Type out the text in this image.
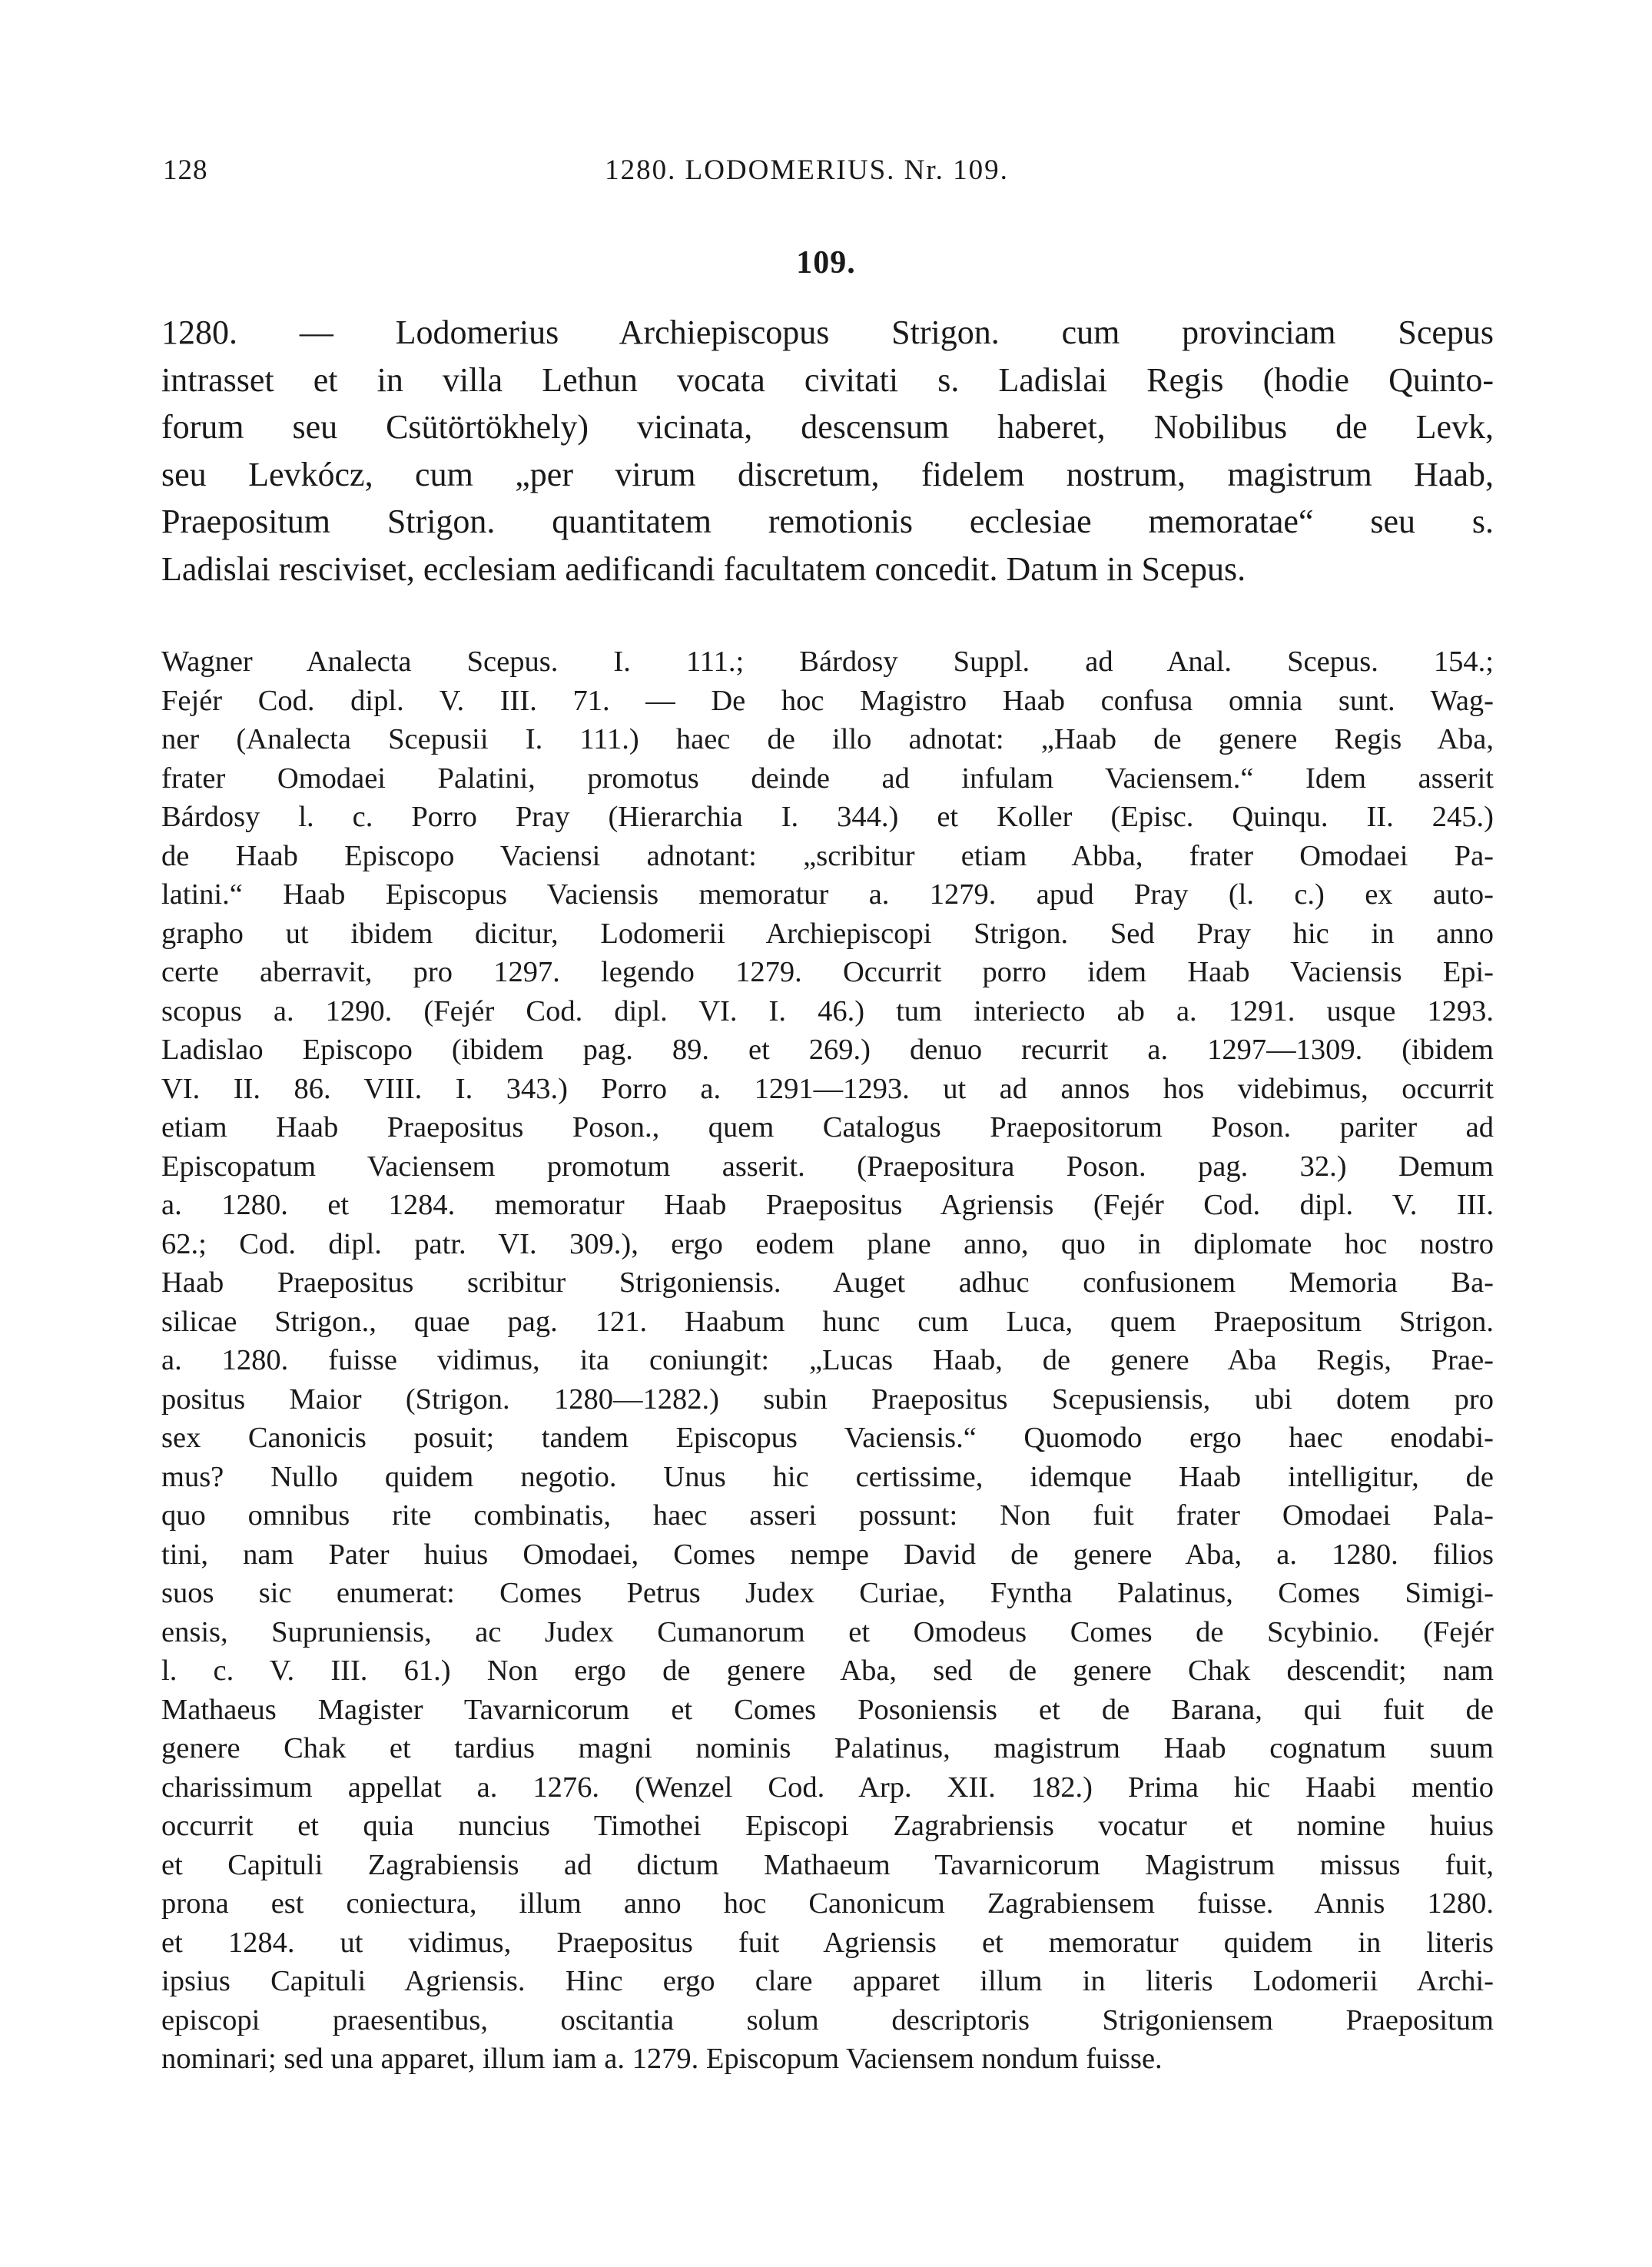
128	1280. LODOMERIUS. Nr. 109.
109.
1280. — Lodomerius Archiepiscopus Strigon. cum provinciam Scepus
intrasset et in villa Lethun vocata civitati s. Ladislai Regis (hodie Quinto-
forum seu Csütörtökhely) vicinata, descensum haberet, Nobilibus de Levk,
seu Levkócz, cum „per virum discretum, fidelem nostrum, magistrum Haab,
Praepositum Strigon. quantitatem remotionis ecclesiae memoratae“ seu s.
Ladislai resciviset, ecclesiam aedificandi facultatem concedit. Datum in Scepus.
Wagner Analecta Scepus. I. 111.; Bárdosy Suppl. ad Anal. Scepus. 154.;
Fejér Cod. dipl. V. III. 71. — De hoc Magistro Haab confusa omnia sunt. Wag-
ner (Analecta Scepusii I. 111.) haec de illo adnotat: „Haab de genere Regis Aba,
frater Omodaei Palatini, promotus deinde ad infulam Vaciensem.“ Idem asserit
Bárdosy l. c. Porro Pray (Hierarchia I. 344.) et Koller (Episc. Quinqu. II. 245.)
de Haab Episcopo Vaciensi adnotant: „scribitur etiam Abba, frater Omodaei Pa-
latini.“ Haab Episcopus Vaciensis memoratur a. 1279. apud Pray (l. c.) ex auto-
grapho ut ibidem dicitur, Lodomerii Archiepiscopi Strigon. Sed Pray hic in anno
certe aberravit, pro 1297. legendo 1279. Occurrit porro idem Haab Vaciensis Epi-
scopus a. 1290. (Fejér Cod. dipl. VI. I. 46.) tum interiecto ab a. 1291. usque 1293.
Ladislao Episcopo (ibidem pag. 89. et 269.) denuo recurrit a. 1297—1309. (ibidem
VI. II. 86. VIII. I. 343.) Porro a. 1291—1293. ut ad annos hos videbimus, occurrit
etiam Haab Praepositus Poson., quem Catalogus Praepositorum Poson. pariter ad
Episcopatum Vaciensem promotum asserit. (Praepositura Poson. pag. 32.) Demum
a. 1280. et 1284. memoratur Haab Praepositus Agriensis (Fejér Cod. dipl. V. III.
62.; Cod. dipl. patr. VI. 309.), ergo eodem plane anno, quo in diplomate hoc nostro
Haab Praepositus scribitur Strigoniensis. Auget adhuc confusionem Memoria Ba-
silicae Strigon., quae pag. 121. Haabum hunc cum Luca, quem Praepositum Strigon.
a. 1280. fuisse vidimus, ita coniungit: „Lucas Haab, de genere Aba Regis, Prae-
positus Maior (Strigon. 1280—1282.) subin Praepositus Scepusiensis, ubi dotem pro
sex Canonicis posuit; tandem Episcopus Vaciensis.“ Quomodo ergo haec enodabi-
mus? Nullo quidem negotio. Unus hic certissime, idemque Haab intelligitur, de
quo omnibus rite combinatis, haec asseri possunt: Non fuit frater Omodaei Pala-
tini, nam Pater huius Omodaei, Comes nempe David de genere Aba, a. 1280. filios
suos sic enumerat: Comes Petrus Judex Curiae, Fyntha Palatinus, Comes Simigi-
ensis, Supruniensis, ac Judex Cumanorum et Omodeus Comes de Scybinio. (Fejér
l. c. V. III. 61.) Non ergo de genere Aba, sed de genere Chak descendit; nam
Mathaeus Magister Tavarnicorum et Comes Posoniensis et de Barana, qui fuit de
genere Chak et tardius magni nominis Palatinus, magistrum Haab cognatum suum
charissimum appellat a. 1276. (Wenzel Cod. Arp. XII. 182.) Prima hic Haabi mentio
occurrit et quia nuncius Timothei Episcopi Zagrabriensis vocatur et nomine huius
et Capituli Zagrabiensis ad dictum Mathaeum Tavarnicorum Magistrum missus fuit,
prona est coniectura, illum anno hoc Canonicum Zagrabiensem fuisse. Annis 1280.
et 1284. ut vidimus, Praepositus fuit Agriensis et memoratur quidem in literis
ipsius Capituli Agriensis. Hinc ergo clare apparet illum in literis Lodomerii Archi-
episcopi praesentibus, oscitantia solum descriptoris Strigoniensem Praepositum
nominari; sed una apparet, illum iam a. 1279. Episcopum Vaciensem nondum fuisse.
